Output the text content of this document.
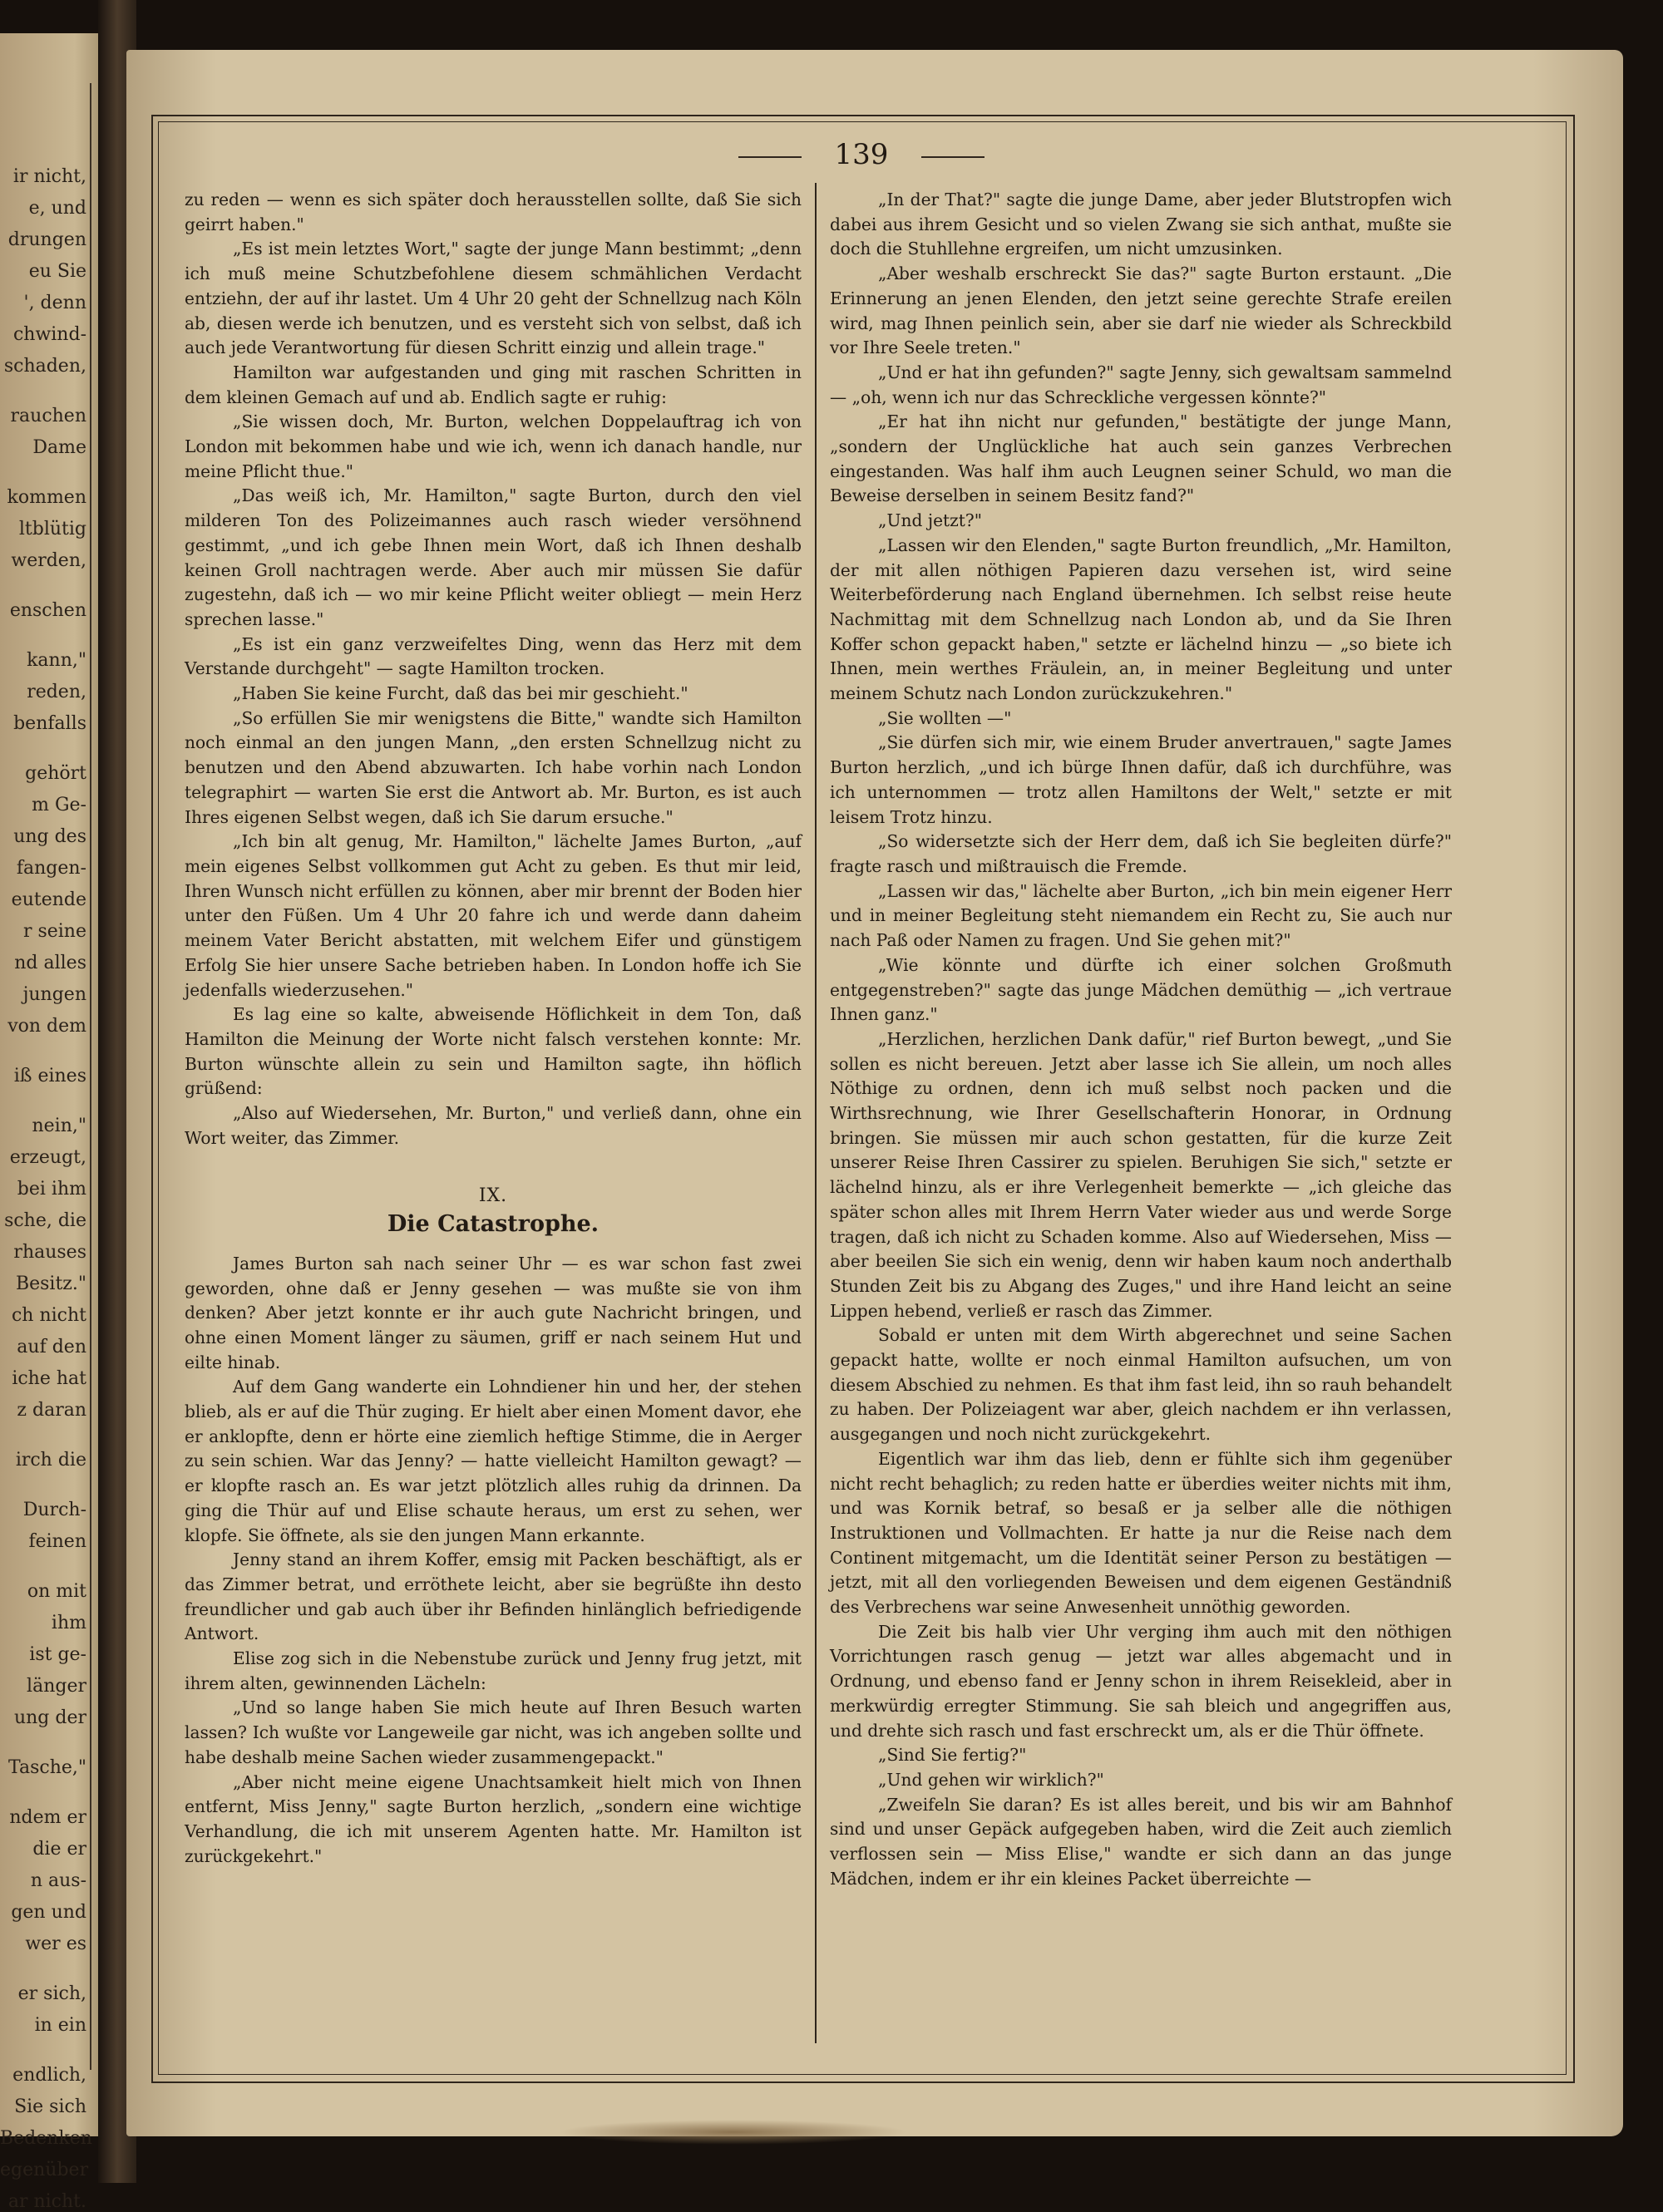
ir nicht,
e, und
drungen
eu Sie
', denn
chwind-
schaden,
rauchen
Dame
kommen
ltblütig
werden,
enschen
kann,"
reden,
benfalls
gehört
m Ge-
ung des
fangen-
eutende
r seine
nd alles
jungen
von dem
iß eines
nein,"
erzeugt,
bei ihm
sche, die
rhauses
Besitz."
ch nicht
auf den
iche hat
z daran
irch die
Durch-
feinen
on mit
ihm
ist ge-
länger
ung der
Tasche,"
ndem er
die er
n aus-
gen und
wer es
er sich,
in ein
endlich,
Sie sich
Bedenken
egenüber
ar nicht.
139

zu reden — wenn es sich später doch herausstellen sollte, daß Sie sich geirrt haben."

„Es ist mein letztes Wort," sagte der junge Mann bestimmt; „denn ich muß meine Schutzbefohlene diesem schmählichen Verdacht entziehn, der auf ihr lastet. Um 4 Uhr 20 geht der Schnellzug nach Köln ab, diesen werde ich benutzen, und es versteht sich von selbst, daß ich auch jede Verantwortung für diesen Schritt einzig und allein trage."

Hamilton war aufgestanden und ging mit raschen Schritten in dem kleinen Gemach auf und ab. Endlich sagte er ruhig:

„Sie wissen doch, Mr. Burton, welchen Doppelauftrag ich von London mit bekommen habe und wie ich, wenn ich danach handle, nur meine Pflicht thue."

„Das weiß ich, Mr. Hamilton," sagte Burton, durch den viel milderen Ton des Polizeimannes auch rasch wieder versöhnend gestimmt, „und ich gebe Ihnen mein Wort, daß ich Ihnen deshalb keinen Groll nachtragen werde. Aber auch mir müssen Sie dafür zugestehn, daß ich — wo mir keine Pflicht weiter obliegt — mein Herz sprechen lasse."

„Es ist ein ganz verzweifeltes Ding, wenn das Herz mit dem Verstande durchgeht" — sagte Hamilton trocken.

„Haben Sie keine Furcht, daß das bei mir geschieht."

„So erfüllen Sie mir wenigstens die Bitte," wandte sich Hamilton noch einmal an den jungen Mann, „den ersten Schnellzug nicht zu benutzen und den Abend abzuwarten. Ich habe vorhin nach London telegraphirt — warten Sie erst die Antwort ab. Mr. Burton, es ist auch Ihres eigenen Selbst wegen, daß ich Sie darum ersuche."

„Ich bin alt genug, Mr. Hamilton," lächelte James Burton, „auf mein eigenes Selbst vollkommen gut Acht zu geben. Es thut mir leid, Ihren Wunsch nicht erfüllen zu können, aber mir brennt der Boden hier unter den Füßen. Um 4 Uhr 20 fahre ich und werde dann daheim meinem Vater Bericht abstatten, mit welchem Eifer und günstigem Erfolg Sie hier unsere Sache betrieben haben. In London hoffe ich Sie jedenfalls wiederzusehen."

Es lag eine so kalte, abweisende Höflichkeit in dem Ton, daß Hamilton die Meinung der Worte nicht falsch verstehen konnte: Mr. Burton wünschte allein zu sein und Hamilton sagte, ihn höflich grüßend:

„Also auf Wiedersehen, Mr. Burton," und verließ dann, ohne ein Wort weiter, das Zimmer.

IX.

Die Catastrophe.

James Burton sah nach seiner Uhr — es war schon fast zwei geworden, ohne daß er Jenny gesehen — was mußte sie von ihm denken? Aber jetzt konnte er ihr auch gute Nachricht bringen, und ohne einen Moment länger zu säumen, griff er nach seinem Hut und eilte hinab.

Auf dem Gang wanderte ein Lohndiener hin und her, der stehen blieb, als er auf die Thür zuging. Er hielt aber einen Moment davor, ehe er anklopfte, denn er hörte eine ziemlich heftige Stimme, die in Aerger zu sein schien. War das Jenny? — hatte vielleicht Hamilton gewagt? — er klopfte rasch an. Es war jetzt plötzlich alles ruhig da drinnen. Da ging die Thür auf und Elise schaute heraus, um erst zu sehen, wer klopfe. Sie öffnete, als sie den jungen Mann erkannte.

Jenny stand an ihrem Koffer, emsig mit Packen beschäftigt, als er das Zimmer betrat, und erröthete leicht, aber sie begrüßte ihn desto freundlicher und gab auch über ihr Befinden hinlänglich befriedigende Antwort.

Elise zog sich in die Nebenstube zurück und Jenny frug jetzt, mit ihrem alten, gewinnenden Lächeln:

„Und so lange haben Sie mich heute auf Ihren Besuch warten lassen? Ich wußte vor Langeweile gar nicht, was ich angeben sollte und habe deshalb meine Sachen wieder zusammengepackt."

„Aber nicht meine eigene Unachtsamkeit hielt mich von Ihnen entfernt, Miss Jenny," sagte Burton herzlich, „sondern eine wichtige Verhandlung, die ich mit unserem Agenten hatte. Mr. Hamilton ist zurückgekehrt."

„In der That?" sagte die junge Dame, aber jeder Blutstropfen wich dabei aus ihrem Gesicht und so vielen Zwang sie sich anthat, mußte sie doch die Stuhllehne ergreifen, um nicht umzusinken.

„Aber weshalb erschreckt Sie das?" sagte Burton erstaunt. „Die Erinnerung an jenen Elenden, den jetzt seine gerechte Strafe ereilen wird, mag Ihnen peinlich sein, aber sie darf nie wieder als Schreckbild vor Ihre Seele treten."

„Und er hat ihn gefunden?" sagte Jenny, sich gewaltsam sammelnd — „oh, wenn ich nur das Schreckliche vergessen könnte?"

„Er hat ihn nicht nur gefunden," bestätigte der junge Mann, „sondern der Unglückliche hat auch sein ganzes Verbrechen eingestanden. Was half ihm auch Leugnen seiner Schuld, wo man die Beweise derselben in seinem Besitz fand?"

„Und jetzt?"

„Lassen wir den Elenden," sagte Burton freundlich, „Mr. Hamilton, der mit allen nöthigen Papieren dazu versehen ist, wird seine Weiterbeförderung nach England übernehmen. Ich selbst reise heute Nachmittag mit dem Schnellzug nach London ab, und da Sie Ihren Koffer schon gepackt haben," setzte er lächelnd hinzu — „so biete ich Ihnen, mein werthes Fräulein, an, in meiner Begleitung und unter meinem Schutz nach London zurückzukehren."

„Sie wollten —"

„Sie dürfen sich mir, wie einem Bruder anvertrauen," sagte James Burton herzlich, „und ich bürge Ihnen dafür, daß ich durchführe, was ich unternommen — trotz allen Hamiltons der Welt," setzte er mit leisem Trotz hinzu.

„So widersetzte sich der Herr dem, daß ich Sie begleiten dürfe?" fragte rasch und mißtrauisch die Fremde.

„Lassen wir das," lächelte aber Burton, „ich bin mein eigener Herr und in meiner Begleitung steht niemandem ein Recht zu, Sie auch nur nach Paß oder Namen zu fragen. Und Sie gehen mit?"

„Wie könnte und dürfte ich einer solchen Großmuth entgegenstreben?" sagte das junge Mädchen demüthig — „ich vertraue Ihnen ganz."

„Herzlichen, herzlichen Dank dafür," rief Burton bewegt, „und Sie sollen es nicht bereuen. Jetzt aber lasse ich Sie allein, um noch alles Nöthige zu ordnen, denn ich muß selbst noch packen und die Wirthsrechnung, wie Ihrer Gesellschafterin Honorar, in Ordnung bringen. Sie müssen mir auch schon gestatten, für die kurze Zeit unserer Reise Ihren Cassirer zu spielen. Beruhigen Sie sich," setzte er lächelnd hinzu, als er ihre Verlegenheit bemerkte — „ich gleiche das später schon alles mit Ihrem Herrn Vater wieder aus und werde Sorge tragen, daß ich nicht zu Schaden komme. Also auf Wiedersehen, Miss — aber beeilen Sie sich ein wenig, denn wir haben kaum noch anderthalb Stunden Zeit bis zu Abgang des Zuges," und ihre Hand leicht an seine Lippen hebend, verließ er rasch das Zimmer.

Sobald er unten mit dem Wirth abgerechnet und seine Sachen gepackt hatte, wollte er noch einmal Hamilton aufsuchen, um von diesem Abschied zu nehmen. Es that ihm fast leid, ihn so rauh behandelt zu haben. Der Polizeiagent war aber, gleich nachdem er ihn verlassen, ausgegangen und noch nicht zurückgekehrt.

Eigentlich war ihm das lieb, denn er fühlte sich ihm gegenüber nicht recht behaglich; zu reden hatte er überdies weiter nichts mit ihm, und was Kornik betraf, so besaß er ja selber alle die nöthigen Instruktionen und Vollmachten. Er hatte ja nur die Reise nach dem Continent mitgemacht, um die Identität seiner Person zu bestätigen — jetzt, mit all den vorliegenden Beweisen und dem eigenen Geständniß des Verbrechens war seine Anwesenheit unnöthig geworden.

Die Zeit bis halb vier Uhr verging ihm auch mit den nöthigen Vorrichtungen rasch genug — jetzt war alles abgemacht und in Ordnung, und ebenso fand er Jenny schon in ihrem Reisekleid, aber in merkwürdig erregter Stimmung. Sie sah bleich und angegriffen aus, und drehte sich rasch und fast erschreckt um, als er die Thür öffnete.

„Sind Sie fertig?"

„Und gehen wir wirklich?"

„Zweifeln Sie daran? Es ist alles bereit, und bis wir am Bahnhof sind und unser Gepäck aufgegeben haben, wird die Zeit auch ziemlich verflossen sein — Miss Elise," wandte er sich dann an das junge Mädchen, indem er ihr ein kleines Packet überreichte —
